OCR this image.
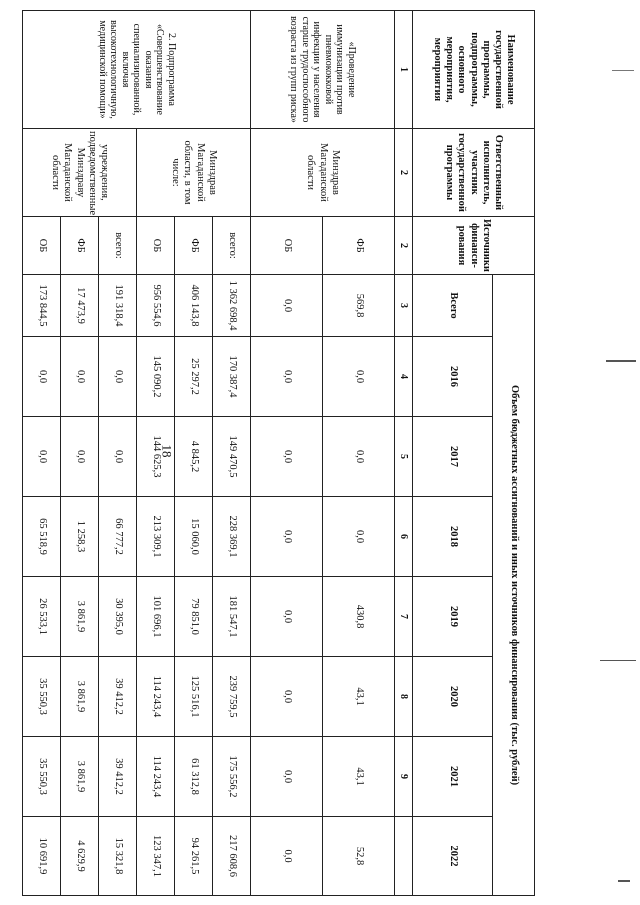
18
Наименование государственной программы, подпрограммы, основного мероприятия, мероприятия	Ответственный исполнитель, участник государственной программы	Источники финанси-рования	Объем бюджетных ассигнований и иных источников финансирования (тыс. рублей)							
			Всего	2016	2017	2018	2019	2020	2021	2022
1	2	2	3	4	5	6	7	8	9	
«Проведение иммунизации против пневмококковой инфекции у населения старше трудоспособного возраста из групп риска»	Минздрав Магаданской области	ФБ	569,8	0,0	0,0	0,0	430,8	43,1	43,1	52,8
		ОБ	0,0	0,0	0,0	0,0	0,0	0,0	0,0	0,0
2. Подпрограмма «Совершенствование оказания специализированной, включая высокотехнологичную, медицинской помощи»	Минздрав Магаданской области, в том числе:	всего:	1 362 698,4	170 387,4	149 470,5	228 369,1	181 547,1	239 759,5	175 556,2	217 608,6
		ФБ	406 143,8	25 297,2	4 845,2	15 060,0	79 851,0	125 516,1	61 312,8	94 261,5
		ОБ	956 554,6	145 090,2	144 625,3	213 309,1	101 696,1	114 243,4	114 243,4	123 347,1
	учреждения, подведомственные Минздраву Магаданской области	всего:	191 318,4	0,0	0,0	66 777,2	30 395,0	39 412,2	39 412,2	15 321,8
		ФБ	17 473,9	0,0	0,0	1 258,3	3 861,9	3 861,9	3 861,9	4 629,9
		ОБ	173 844,5	0,0	0,0	65 518,9	26 533,1	35 550,3	35 550,3	10 691,9
